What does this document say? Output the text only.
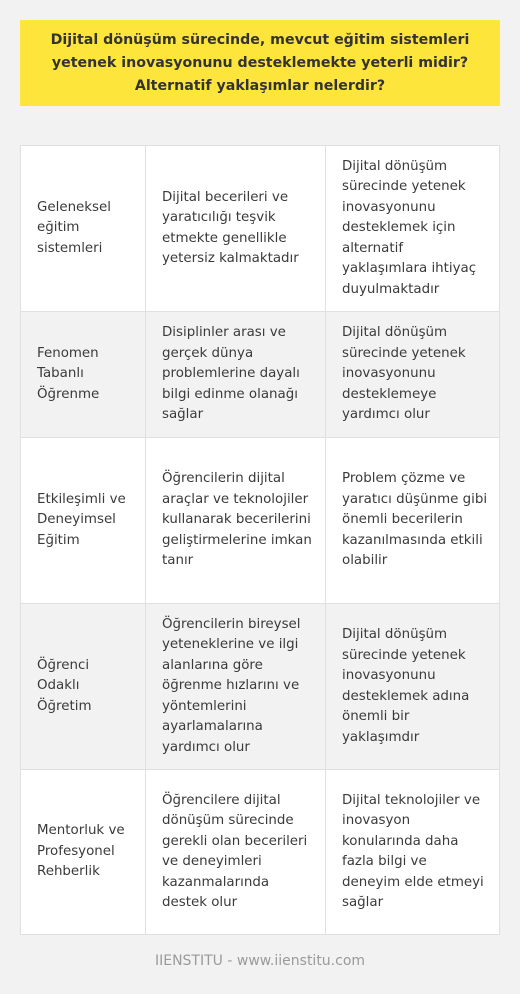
Dijital dönüşüm sürecinde, mevcut eğitim sistemleri
yetenek inovasyonunu desteklemekte yeterli midir?
Alternatif yaklaşımlar nelerdir?
Geleneksel eğitim sistemleri
Dijital becerileri ve yaratıcılığı teşvik etmekte genellikle yetersiz kalmaktadır
Dijital dönüşüm sürecinde yetenek inovasyonunu desteklemek için alternatif yaklaşımlara ihtiyaç duyulmaktadır
Fenomen Tabanlı Öğrenme
Disiplinler arası ve gerçek dünya problemlerine dayalı bilgi edinme olanağı sağlar
Dijital dönüşüm sürecinde yetenek inovasyonunu desteklemeye yardımcı olur
Etkileşimli ve Deneyimsel Eğitim
Öğrencilerin dijital araçlar ve teknolojiler kullanarak becerilerini geliştirmelerine imkan tanır
Problem çözme ve yaratıcı düşünme gibi önemli becerilerin kazanılmasında etkili olabilir
Öğrenci Odaklı Öğretim
Öğrencilerin bireysel yeteneklerine ve ilgi alanlarına göre öğrenme hızlarını ve yöntemlerini ayarlamalarına yardımcı olur
Dijital dönüşüm sürecinde yetenek inovasyonunu desteklemek adına önemli bir yaklaşımdır
Mentorluk ve Profesyonel Rehberlik
Öğrencilere dijital dönüşüm sürecinde gerekli olan becerileri ve deneyimleri kazanmalarında destek olur
Dijital teknolojiler ve inovasyon konularında daha fazla bilgi ve deneyim elde etmeyi sağlar
IIENSTITU - www.iienstitu.com
